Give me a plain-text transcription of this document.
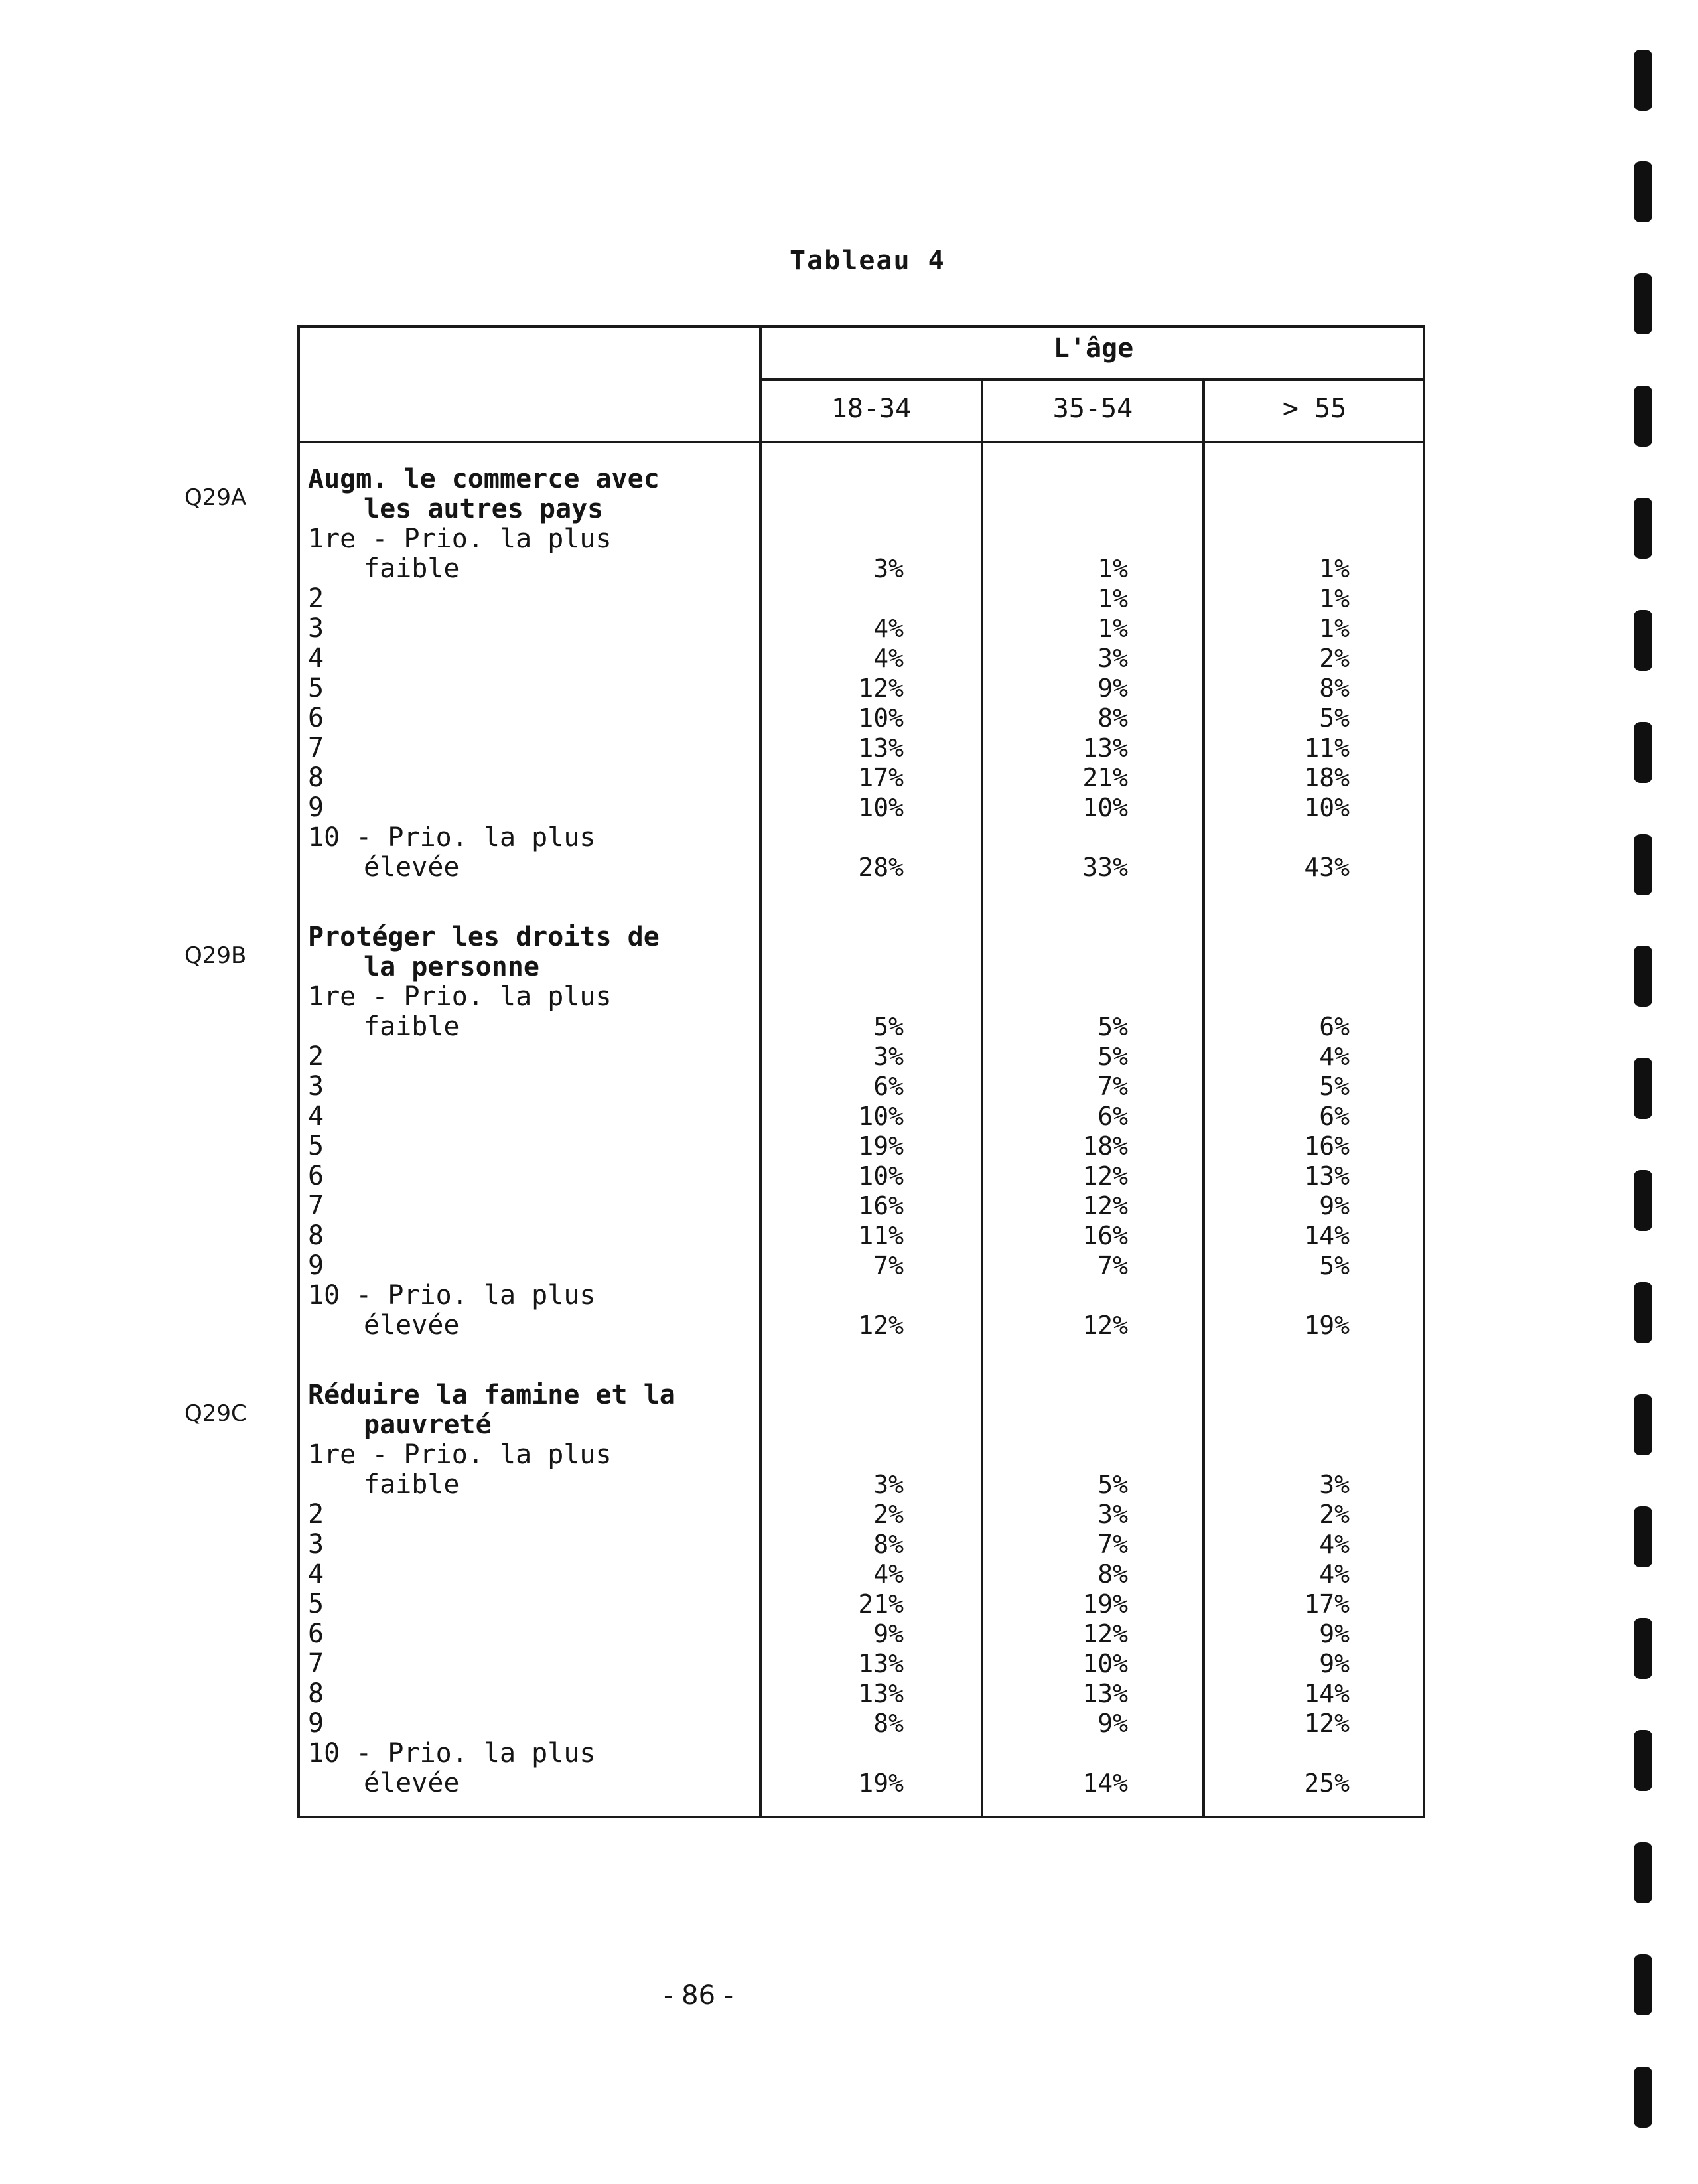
Tableau 4
L'âge
18-34	35-54	> 55
Q29A
Augm. le commerce avec
les autres pays
1re - Prio. la plus
faible
2
3
4
5
6
7
8
9
10 - Prio. la plus
élevée
3%
4%
4%
12%
10%
13%
17%
10%
28%
1%
1%
1%
3%
9%
8%
13%
21%
10%
33%
1%
1%
1%
2%
8%
5%
11%
18%
10%
43%
Q29B
Protéger les droits de
la personne
1re - Prio. la plus
faible
2
3
4
5
6
7
8
9
10 - Prio. la plus
élevée
5%
3%
6%
10%
19%
10%
16%
11%
7%
12%
5%
5%
7%
6%
18%
12%
12%
16%
7%
12%
6%
4%
5%
6%
16%
13%
9%
14%
5%
19%
Q29C
Réduire la famine et la
pauvreté
1re - Prio. la plus
faible
2
3
4
5
6
7
8
9
10 - Prio. la plus
élevée
3%
2%
8%
4%
21%
9%
13%
13%
8%
19%
5%
3%
7%
8%
19%
12%
10%
13%
9%
14%
3%
2%
4%
4%
17%
9%
9%
14%
12%
25%
- 86 -
